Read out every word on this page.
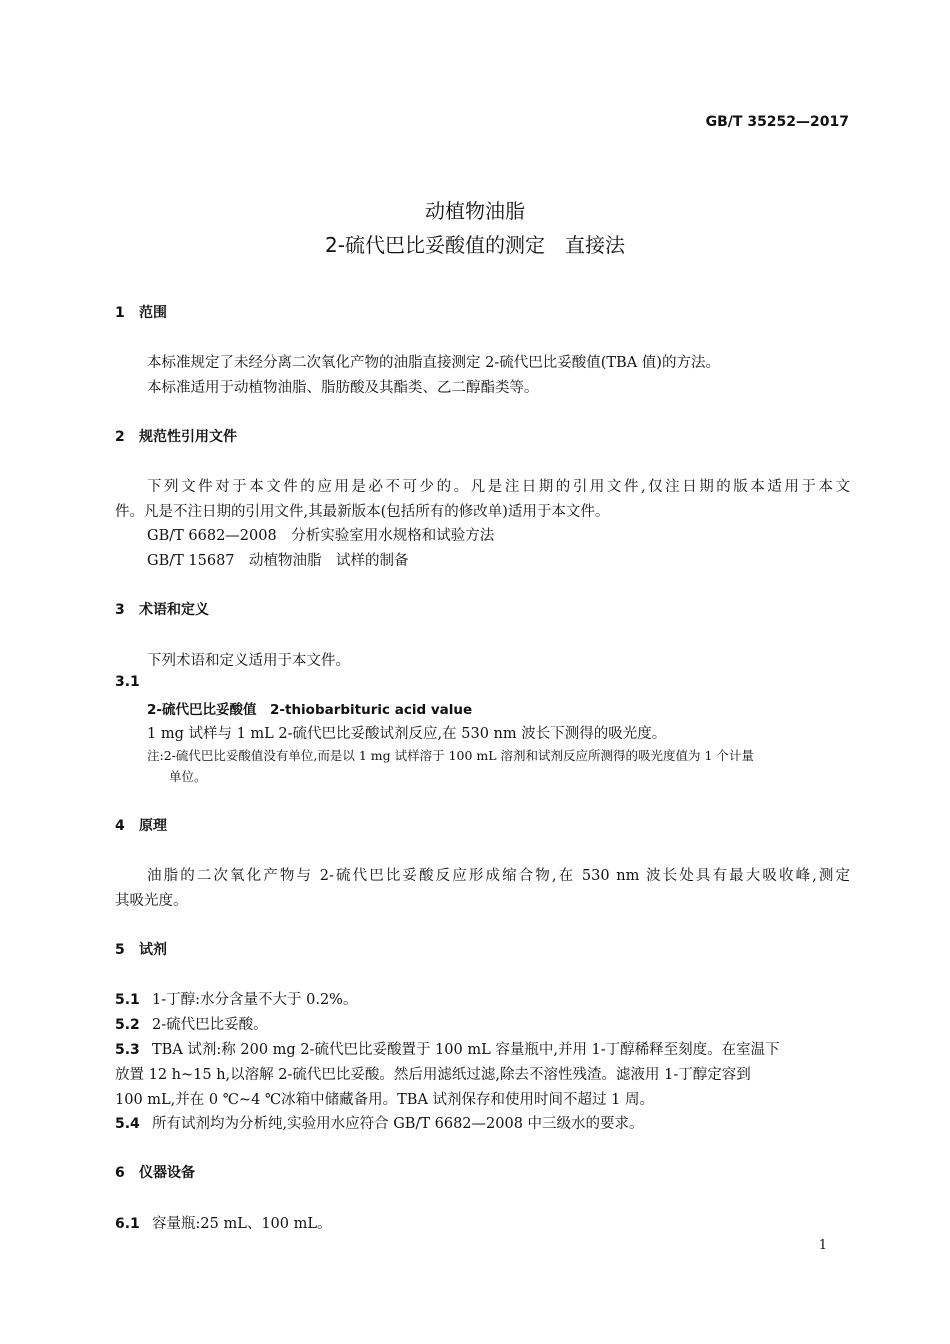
GB/T 35252—2017
动植物油脂
2-硫代巴比妥酸值的测定　直接法
1 范围
本标准规定了未经分离二次氧化产物的油脂直接测定 2-硫代巴比妥酸值(TBA 值)的方法。
本标准适用于动植物油脂、脂肪酸及其酯类、乙二醇酯类等。
2 规范性引用文件
下列文件对于本文件的应用是必不可少的。凡是注日期的引用文件,仅注日期的版本适用于本文
件。凡是不注日期的引用文件,其最新版本(包括所有的修改单)适用于本文件。
GB/T 6682—2008　分析实验室用水规格和试验方法
GB/T 15687　动植物油脂　试样的制备
3 术语和定义
下列术语和定义适用于本文件。
3.1
2-硫代巴比妥酸值　2-thiobarbituric acid value
1 mg 试样与 1 mL 2-硫代巴比妥酸试剂反应,在 530 nm 波长下测得的吸光度。
注:2-硫代巴比妥酸值没有单位,而是以 1 mg 试样溶于 100 mL 溶剂和试剂反应所测得的吸光度值为 1 个计量
单位。
4 原理
油脂的二次氧化产物与 2-硫代巴比妥酸反应形成缩合物,在 530 nm 波长处具有最大吸收峰,测定
其吸光度。
5 试剂
5.1 1-丁醇:水分含量不大于 0.2%。
5.2 2-硫代巴比妥酸。
5.3 TBA 试剂:称 200 mg 2-硫代巴比妥酸置于 100 mL 容量瓶中,并用 1-丁醇稀释至刻度。在室温下
放置 12 h~15 h,以溶解 2-硫代巴比妥酸。然后用滤纸过滤,除去不溶性残渣。滤液用 1-丁醇定容到
100 mL,并在 0 ℃~4 ℃冰箱中储藏备用。TBA 试剂保存和使用时间不超过 1 周。
5.4 所有试剂均为分析纯,实验用水应符合 GB/T 6682—2008 中三级水的要求。
6 仪器设备
6.1 容量瓶:25 mL、100 mL。
1
